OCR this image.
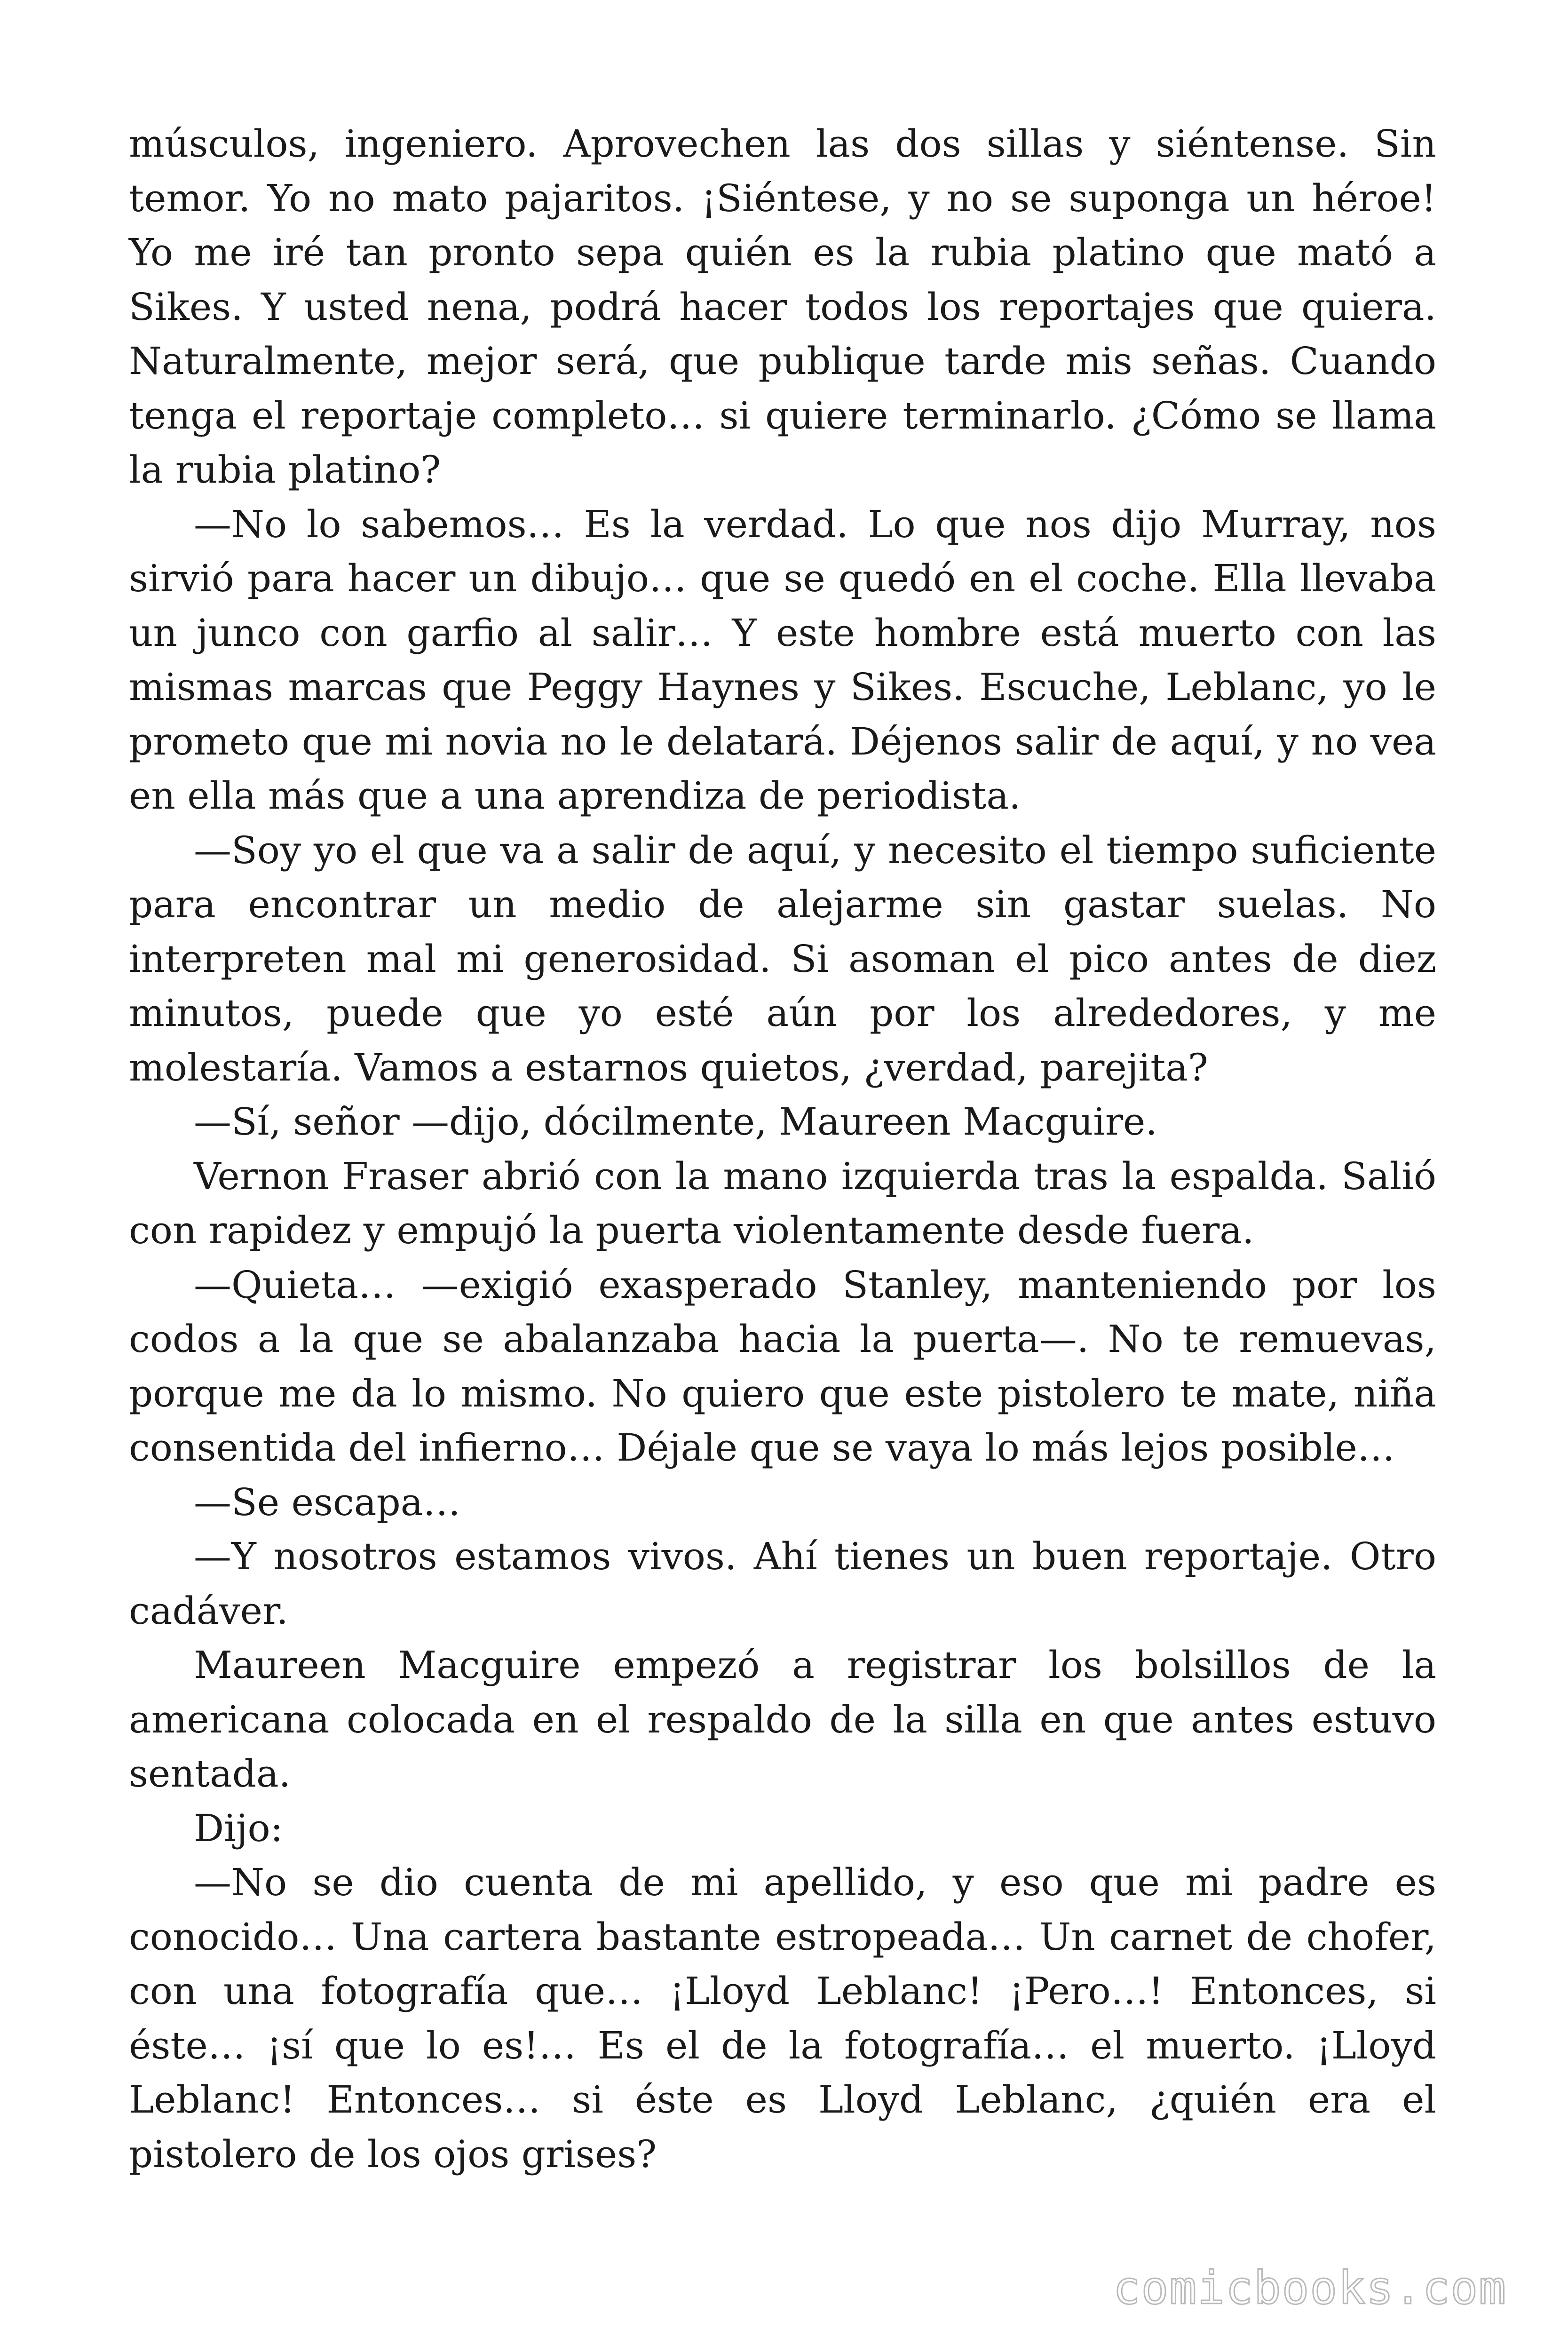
músculos, ingeniero. Aprovechen las dos sillas y siéntense. Sin temor. Yo no mato pajaritos. ¡Siéntese, y no se suponga un héroe! Yo me iré tan pronto sepa quién es la rubia platino que mató a Sikes. Y usted nena, podrá hacer todos los reportajes que quiera. Naturalmente, mejor será, que publique tarde mis señas. Cuando tenga el reportaje completo… si quiere terminarlo. ¿Cómo se llama la rubia platino?

—No lo sabemos… Es la verdad. Lo que nos dijo Murray, nos sirvió para hacer un dibujo… que se quedó en el coche. Ella llevaba un junco con garfio al salir… Y este hombre está muerto con las mismas marcas que Peggy Haynes y Sikes. Escuche, Leblanc, yo le prometo que mi novia no le delatará. Déjenos salir de aquí, y no vea en ella más que a una aprendiza de periodista.

—Soy yo el que va a salir de aquí, y necesito el tiempo suficiente para encontrar un medio de alejarme sin gastar suelas. No interpreten mal mi generosidad. Si asoman el pico antes de diez minutos, puede que yo esté aún por los alrededores, y me molestaría. Vamos a estarnos quietos, ¿verdad, parejita?

—Sí, señor —dijo, dócilmente, Maureen Macguire.

Vernon Fraser abrió con la mano izquierda tras la espalda. Salió con rapidez y empujó la puerta violentamente desde fuera.

—Quieta… —exigió exasperado Stanley, manteniendo por los codos a la que se abalanzaba hacia la puerta—. No te remuevas, porque me da lo mismo. No quiero que este pistolero te mate, niña consentida del infierno… Déjale que se vaya lo más lejos posible…

—Se escapa…

—Y nosotros estamos vivos. Ahí tienes un buen reportaje. Otro cadáver.

Maureen Macguire empezó a registrar los bolsillos de la americana colocada en el respaldo de la silla en que antes estuvo sentada.

Dijo:

—No se dio cuenta de mi apellido, y eso que mi padre es conocido… Una cartera bastante estropeada… Un carnet de chofer, con una fotografía que… ¡Lloyd Leblanc! ¡Pero…! Entonces, si éste… ¡sí que lo es!… Es el de la fotografía… el muerto. ¡Lloyd Leblanc! Entonces… si éste es Lloyd Leblanc, ¿quién era el pistolero de los ojos grises?

comicbooks.com
